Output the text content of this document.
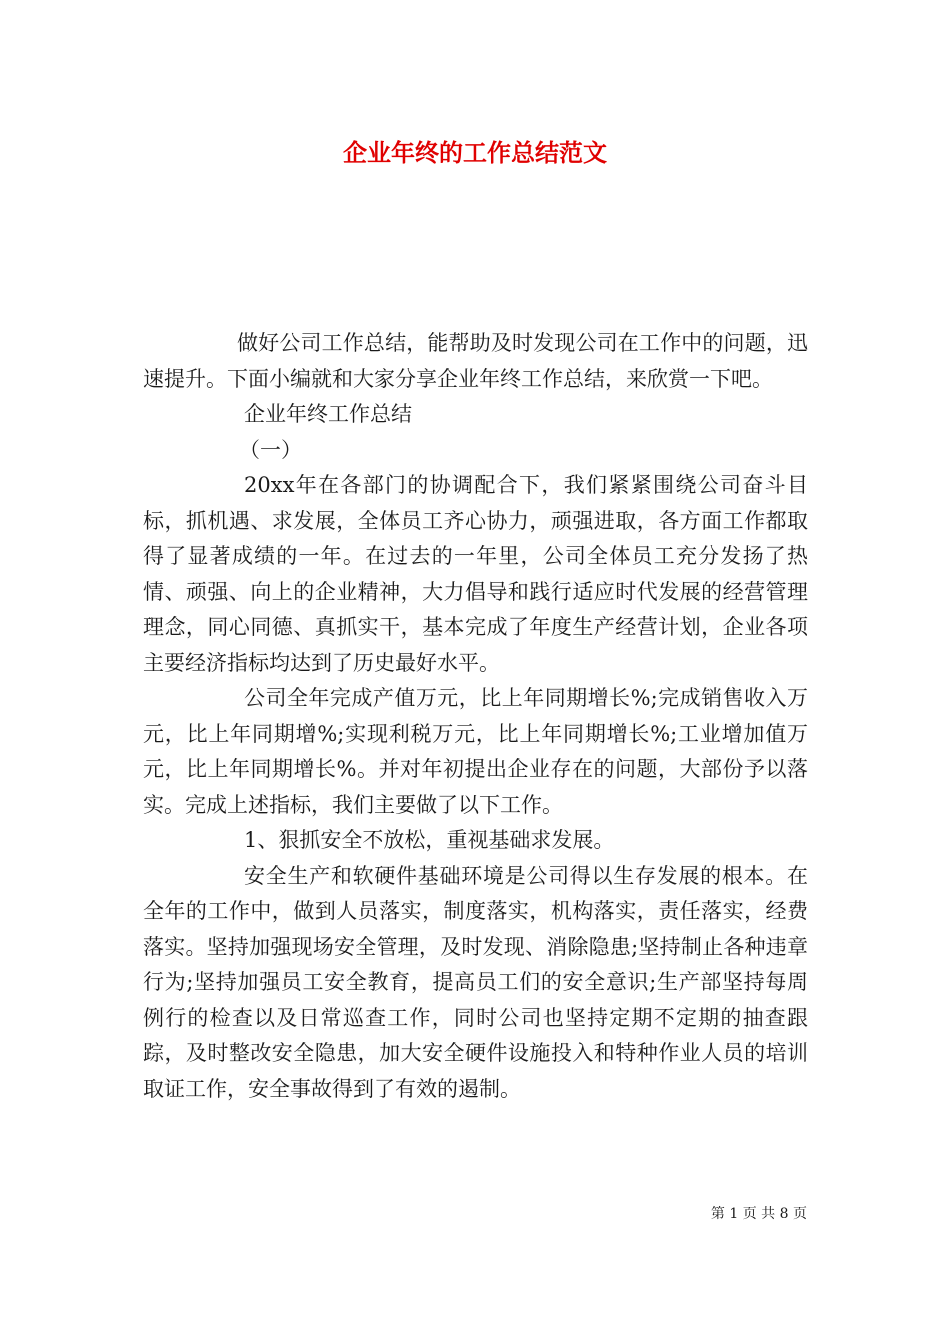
企业年终的工作总结范文

做好公司工作总结，能帮助及时发现公司在工作中的问题，迅速提升。下面小编就和大家分享企业年终工作总结，来欣赏一下吧。

企业年终工作总结

（一）

20xx年在各部门的协调配合下，我们紧紧围绕公司奋斗目标，抓机遇、求发展，全体员工齐心协力，顽强进取，各方面工作都取得了显著成绩的一年。在过去的一年里，公司全体员工充分发扬了热情、顽强、向上的企业精神，大力倡导和践行适应时代发展的经营管理理念，同心同德、真抓实干，基本完成了年度生产经营计划，企业各项主要经济指标均达到了历史最好水平。

公司全年完成产值万元，比上年同期增长%;完成销售收入万元，比上年同期增%;实现利税万元，比上年同期增长%;工业增加值万元，比上年同期增长%。并对年初提出企业存在的问题，大部份予以落实。完成上述指标，我们主要做了以下工作。

1、狠抓安全不放松，重视基础求发展。

安全生产和软硬件基础环境是公司得以生存发展的根本。在全年的工作中，做到人员落实，制度落实，机构落实，责任落实，经费落实。坚持加强现场安全管理，及时发现、消除隐患;坚持制止各种违章行为;坚持加强员工安全教育，提高员工们的安全意识;生产部坚持每周例行的检查以及日常巡查工作，同时公司也坚持定期不定期的抽查跟踪，及时整改安全隐患，加大安全硬件设施投入和特种作业人员的培训取证工作，安全事故得到了有效的遏制。

第 1 页 共 8 页
